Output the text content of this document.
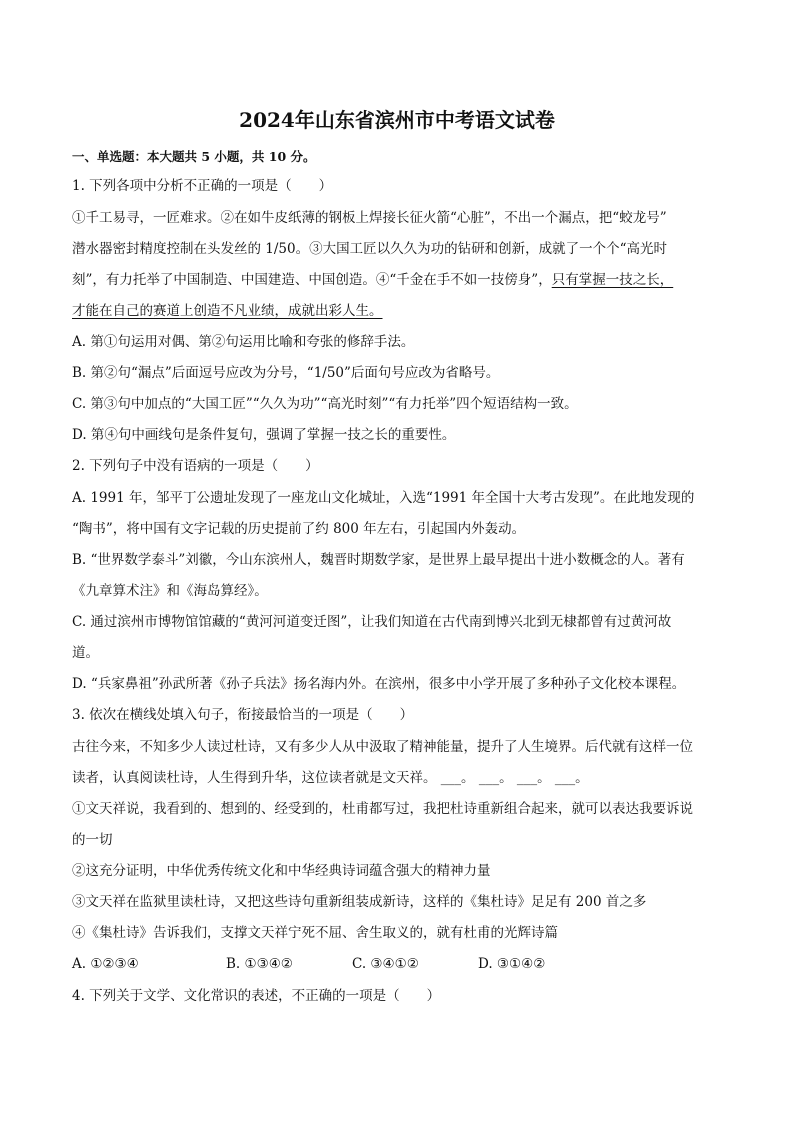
2024年山东省滨州市中考语文试卷
一、单选题：本大题共 5 小题，共 10 分。
1. 下列各项中分析不正确的一项是（　　）
①千工易寻，一匠难求。②在如牛皮纸薄的钢板上焊接长征火箭“心脏”，不出一个漏点，把“蛟龙号”
潜水器密封精度控制在头发丝的 1/50。③大国工匠以久久为功的钻研和创新，成就了一个个“高光时
刻”，有力托举了中国制造、中国建造、中国创造。④“千金在手不如一技傍身”，只有掌握一技之长，
才能在自己的赛道上创造不凡业绩，成就出彩人生。
A. 第①句运用对偶、第②句运用比喻和夸张的修辞手法。
B. 第②句“漏点”后面逗号应改为分号，“1/50”后面句号应改为省略号。
C. 第③句中加点的“大国工匠”“久久为功”“高光时刻”“有力托举”四个短语结构一致。
D. 第④句中画线句是条件复句，强调了掌握一技之长的重要性。
2. 下列句子中没有语病的一项是（　　）
A. 1991 年，邹平丁公遗址发现了一座龙山文化城址，入选“1991 年全国十大考古发现”。在此地发现的
“陶书”，将中国有文字记载的历史提前了约 800 年左右，引起国内外轰动。
B. “世界数学泰斗”刘徽，今山东滨州人，魏晋时期数学家，是世界上最早提出十进小数概念的人。著有
《九章算术注》和《海岛算经》。
C. 通过滨州市博物馆馆藏的“黄河河道变迁图”，让我们知道在古代南到博兴北到无棣都曾有过黄河故
道。
D. “兵家鼻祖”孙武所著《孙子兵法》扬名海内外。在滨州，很多中小学开展了多种孙子文化校本课程。
3. 依次在横线处填入句子，衔接最恰当的一项是（　　）
古往今来，不知多少人读过杜诗，又有多少人从中汲取了精神能量，提升了人生境界。后代就有这样一位
读者，认真阅读杜诗，人生得到升华，这位读者就是文天祥。 ___。 ___。 ___。 ___。
①文天祥说，我看到的、想到的、经受到的，杜甫都写过，我把杜诗重新组合起来，就可以表达我要诉说
的一切
②这充分证明，中华优秀传统文化和中华经典诗词蕴含强大的精神力量
③文天祥在监狱里读杜诗，又把这些诗句重新组装成新诗，这样的《集杜诗》足足有 200 首之多
④《集杜诗》告诉我们，支撑文天祥宁死不屈、舍生取义的，就有杜甫的光辉诗篇
A. ①②③④	B. ①③④②	C. ③④①②	D. ③①④②
4. 下列关于文学、文化常识的表述，不正确的一项是（　　）
